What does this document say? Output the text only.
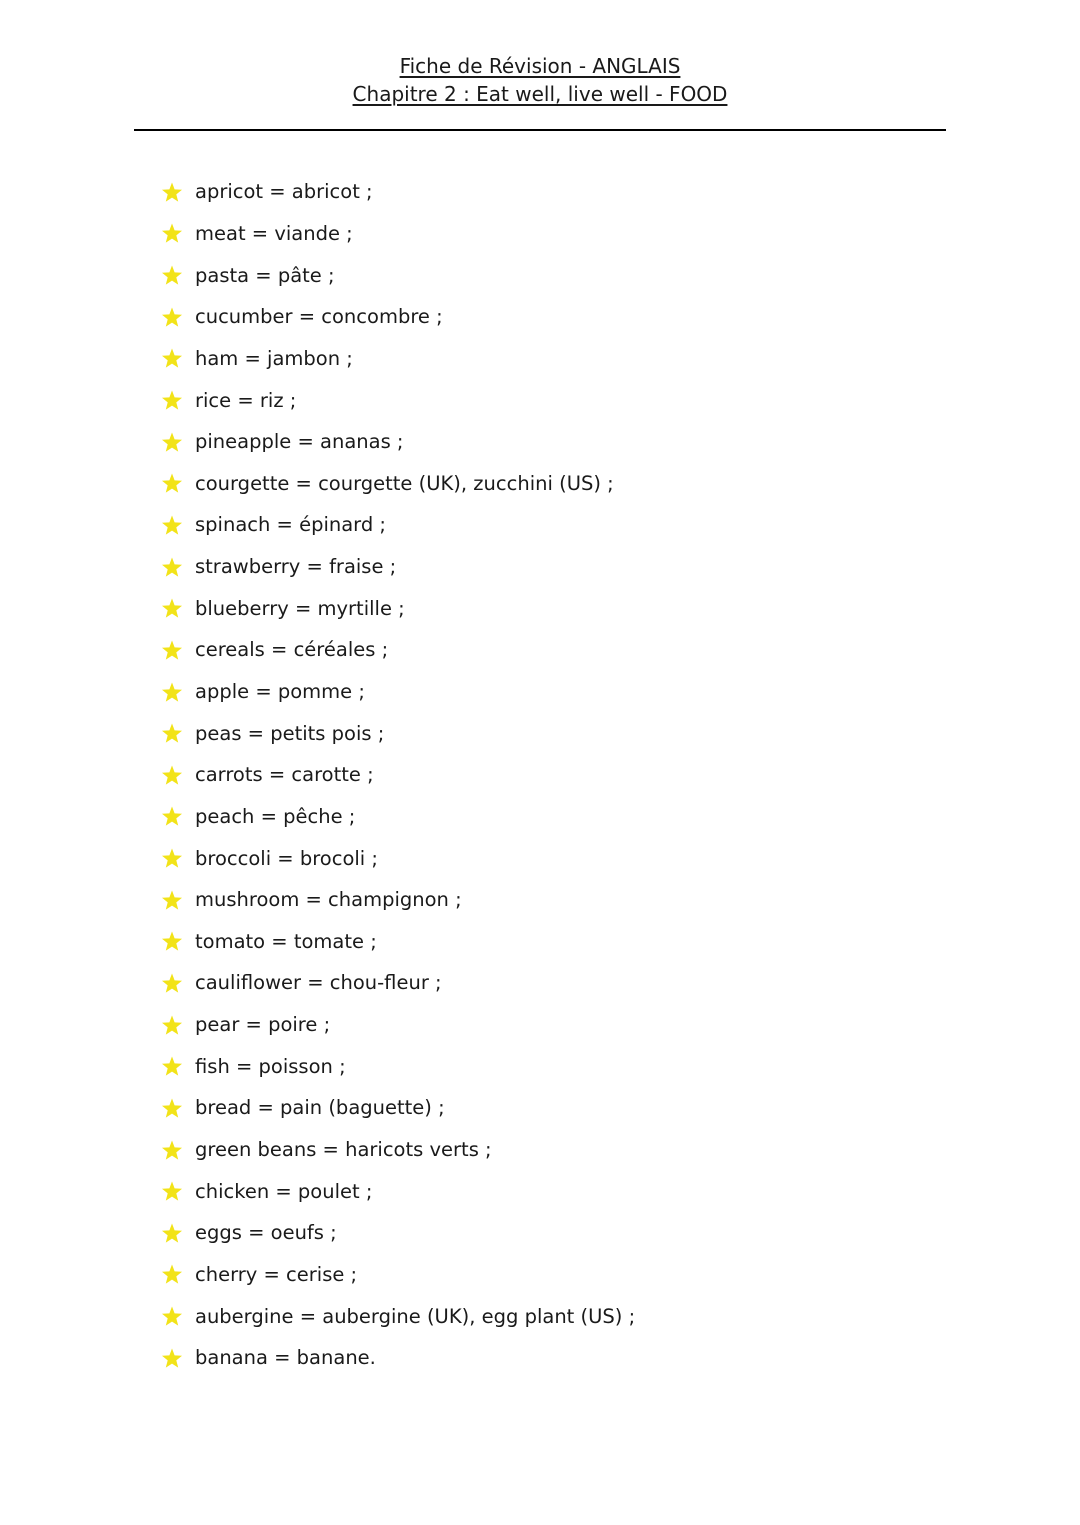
Fiche de Révision - ANGLAIS
Chapitre 2 : Eat well, live well - FOOD
apricot = abricot ;
meat = viande ;
pasta = pâte ;
cucumber = concombre ;
ham = jambon ;
rice = riz ;
pineapple = ananas ;
courgette = courgette (UK), zucchini (US) ;
spinach = épinard ;
strawberry = fraise ;
blueberry = myrtille ;
cereals = céréales ;
apple = pomme ;
peas = petits pois ;
carrots = carotte ;
peach = pêche ;
broccoli = brocoli ;
mushroom = champignon ;
tomato = tomate ;
cauliflower = chou-fleur ;
pear = poire ;
fish = poisson ;
bread = pain (baguette) ;
green beans = haricots verts ;
chicken = poulet ;
eggs = oeufs ;
cherry = cerise ;
aubergine = aubergine (UK), egg plant (US) ;
banana = banane.
